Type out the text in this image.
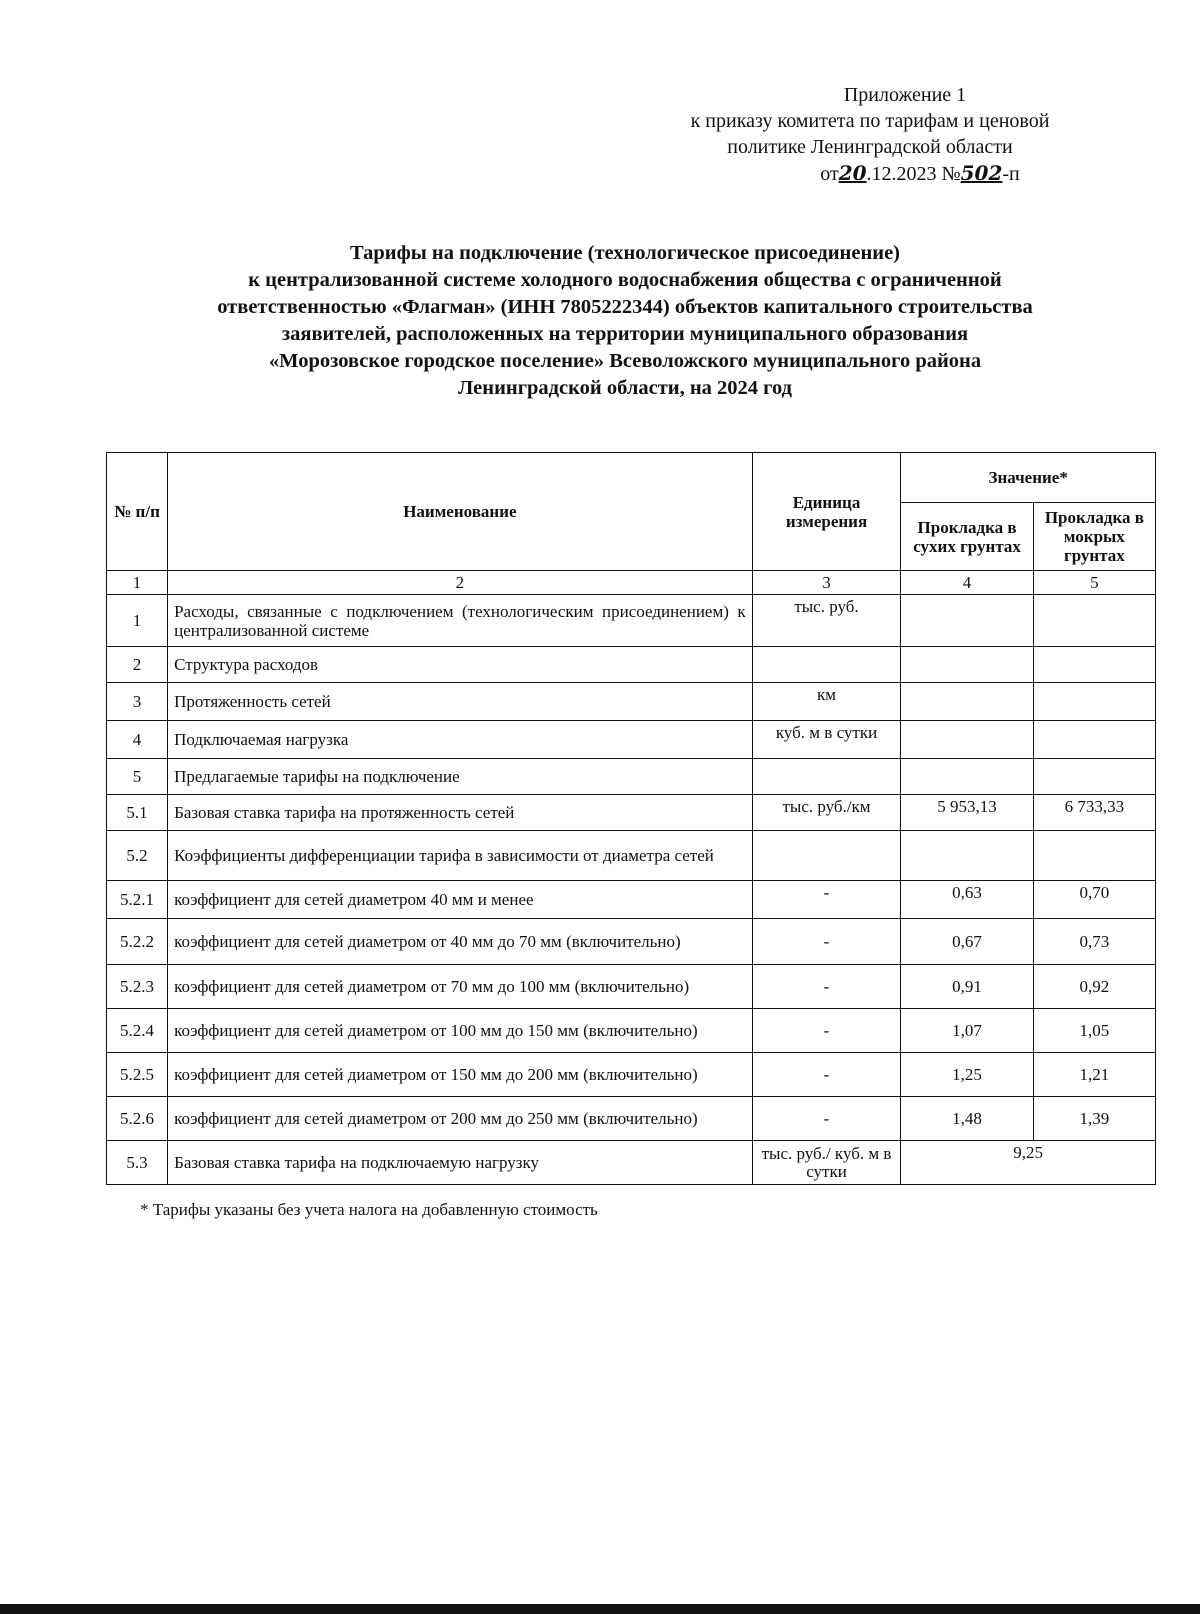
Приложение 1
к приказу комитета по тарифам и ценовой
политике Ленинградской области
от20.12.2023 №502-п
Тарифы на подключение (технологическое присоединение)
к централизованной системе холодного водоснабжения общества с ограниченной
ответственностью «Флагман» (ИНН 7805222344) объектов капитального строительства
заявителей, расположенных на территории муниципального образования
«Морозовское городское поселение» Всеволожского муниципального района
Ленинградской области, на 2024 год
№ п/п	Наименование	Единица измерения	Значение*	
			Прокладка в сухих грунтах	Прокладка в мокрых грунтах
1	2	3	4	5
1	Расходы, связанные с подключением (технологическим присоединением) к централизованной системе	тыс. руб.		
2	Структура расходов			
3	Протяженность сетей	км		
4	Подключаемая нагрузка	куб. м в сутки		
5	Предлагаемые тарифы на подключение			
5.1	Базовая ставка тарифа на протяженность сетей	тыс. руб./км	5 953,13	6 733,33
5.2	Коэффициенты дифференциации тарифа в зависимости от диаметра сетей			
5.2.1	коэффициент для сетей диаметром 40 мм и менее	-	0,63	0,70
5.2.2	коэффициент для сетей диаметром от 40 мм до 70 мм (включительно)	-	0,67	0,73
5.2.3	коэффициент для сетей диаметром от 70 мм до 100 мм (включительно)	-	0,91	0,92
5.2.4	коэффициент для сетей диаметром от 100 мм до 150 мм (включительно)	-	1,07	1,05
5.2.5	коэффициент для сетей диаметром от 150 мм до 200 мм (включительно)	-	1,25	1,21
5.2.6	коэффициент для сетей диаметром от 200 мм до 250 мм (включительно)	-	1,48	1,39
5.3	Базовая ставка тарифа на подключаемую нагрузку	тыс. руб./ куб. м в сутки	9,25	
* Тарифы указаны без учета налога на добавленную стоимость
